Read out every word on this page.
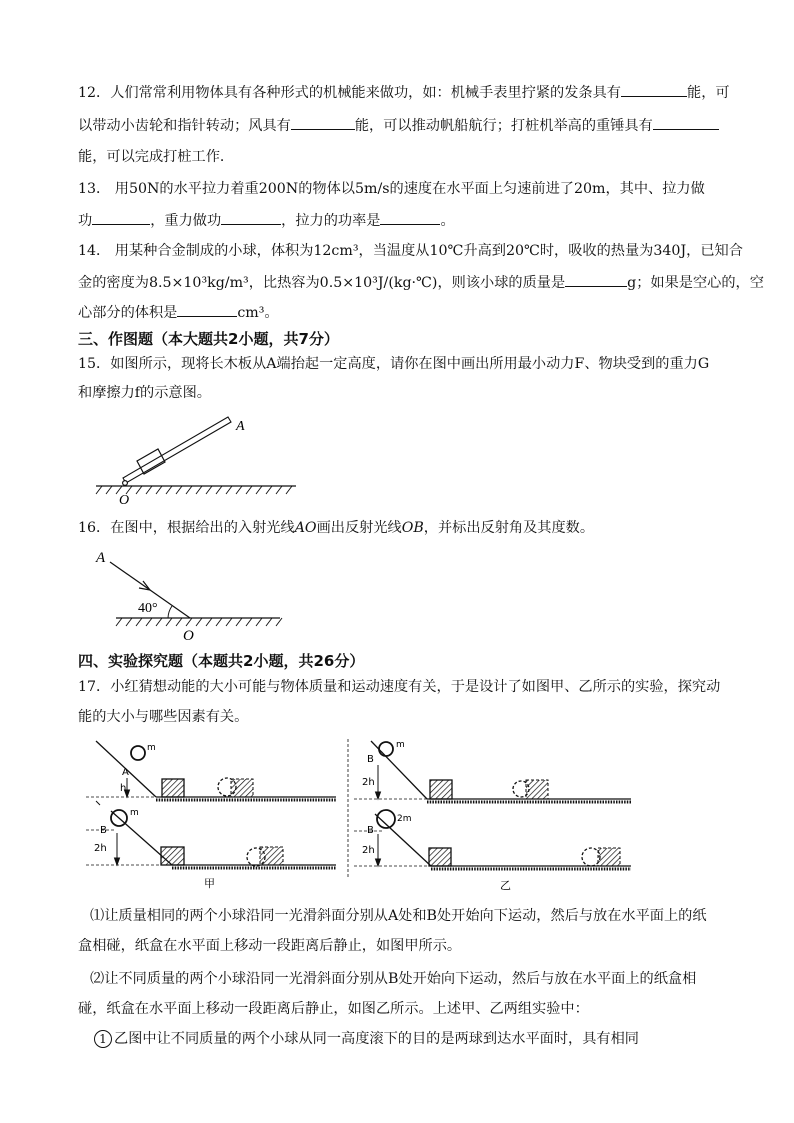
12．人们常常利用物体具有各种形式的机械能来做功，如：机械手表里拧紧的发条具有	能，可
以带动小齿轮和指针转动；风具有	能，可以推动帆船航行；打桩机举高的重锤具有
能，可以完成打桩工作．
13． 用50N的水平拉力着重200N的物体以5m/s的速度在水平面上匀速前进了20m，其中、拉力做
功	，重力做功	，拉力的功率是	。
14． 用某种合金制成的小球，体积为12cm³，当温度从10℃升高到20℃时，吸收的热量为340J，已知合
金的密度为8.5×10³kg/m³，比热容为0.5×10³J/(kg·℃)，则该小球的质量是	g；如果是空心的，空
心部分的体积是	cm³。
三、作图题（本大题共2小题，共7分）
15．如图所示，现将长木板从A端抬起一定高度，请你在图中画出所用最小动力F、物块受到的重力G
和摩擦力f的示意图。
A
O
16．在图中，根据给出的入射光线AO画出反射光线OB，并标出反射角及其度数。
A
40°
O
四、实验探究题（本题共2小题，共26分）
17．小红猜想动能的大小可能与物体质量和运动速度有关，于是设计了如图甲、乙所示的实验，探究动
能的大小与哪些因素有关。
m
A
h
m
B
2h
甲
m
B
2h
2m
B
2h
乙
⑴让质量相同的两个小球沿同一光滑斜面分别从A处和B处开始向下运动，然后与放在水平面上的纸
盒相碰，纸盒在水平面上移动一段距离后静止，如图甲所示。
⑵让不同质量的两个小球沿同一光滑斜面分别从B处开始向下运动，然后与放在水平面上的纸盒相
碰，纸盒在水平面上移动一段距离后静止，如图乙所示。上述甲、乙两组实验中：
1 乙图中让不同质量的两个小球从同一高度滚下的目的是两球到达水平面时，具有相同
